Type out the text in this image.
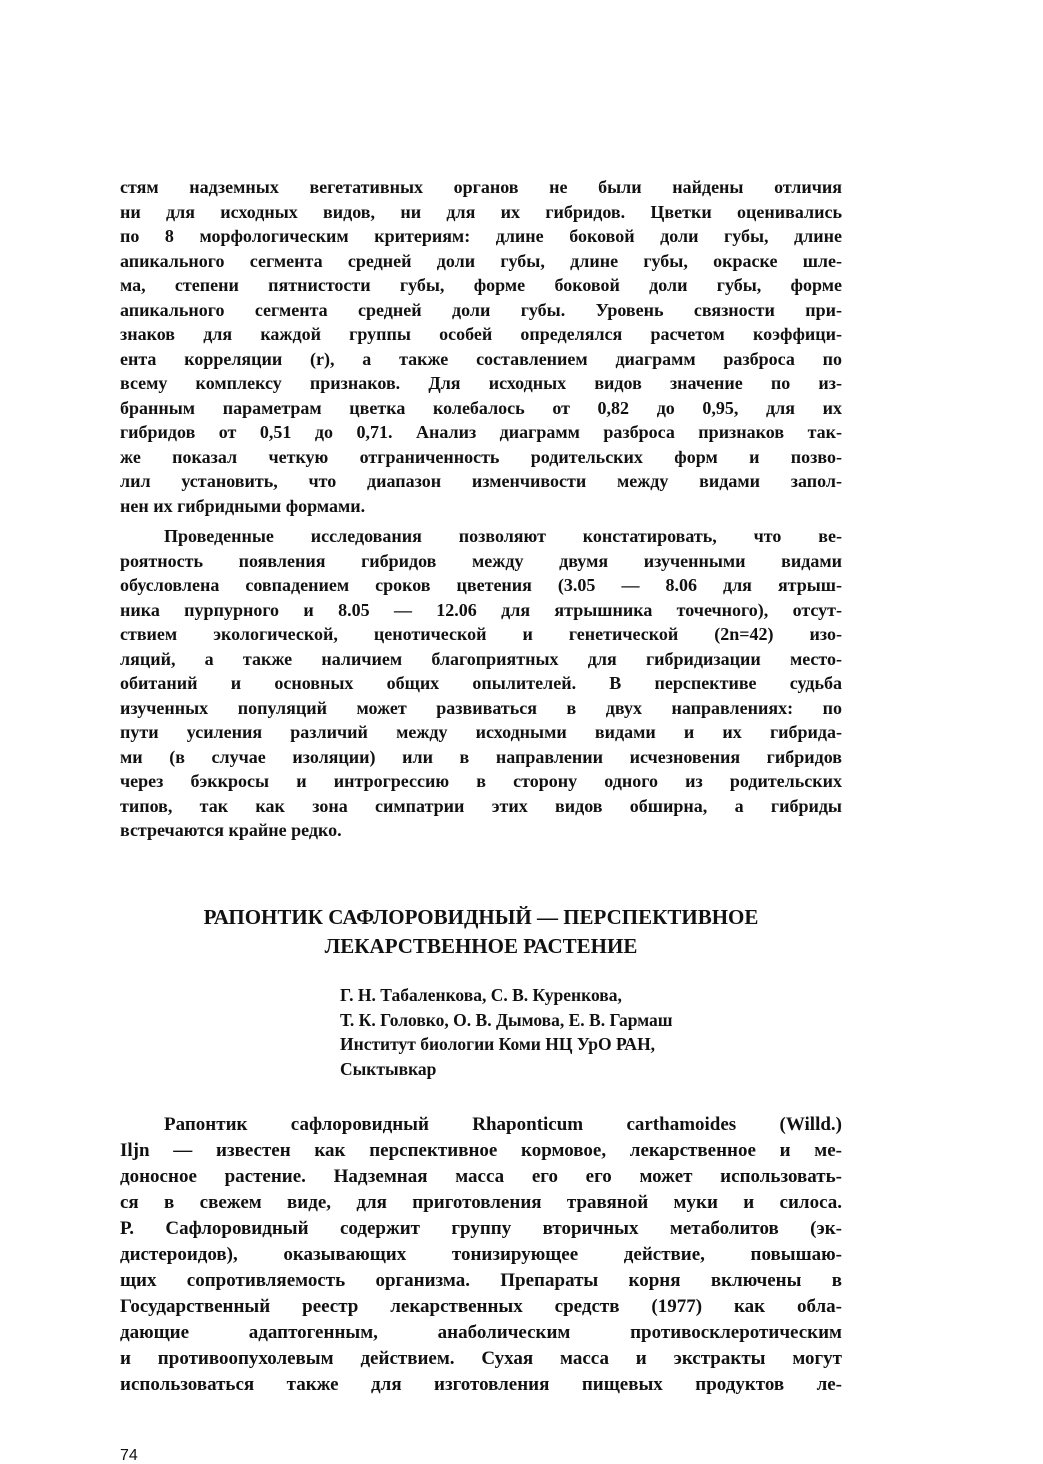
стям надземных вегетативных органов не были найдены отличия
ни для исходных видов, ни для их гибридов. Цветки оценивались
по 8 морфологическим критериям: длине боковой доли губы, длине
апикального сегмента средней доли губы, длине губы, окраске шле-
ма, степени пятнистости губы, форме боковой доли губы, форме
апикального сегмента средней доли губы. Уровень связности при-
знаков для каждой группы особей определялся расчетом коэффици-
ента корреляции (r), а также составлением диаграмм разброса по
всему комплексу признаков. Для исходных видов значение по из-
бранным параметрам цветка колебалось от 0,82 до 0,95, для их
гибридов от 0,51 до 0,71. Анализ диаграмм разброса признаков так-
же показал четкую отграниченность родительских форм и позво-
лил установить, что диапазон изменчивости между видами запол-
нен их гибридными формами.
Проведенные исследования позволяют констатировать, что ве-
роятность появления гибридов между двумя изученными видами
обусловлена совпадением сроков цветения (3.05 — 8.06 для ятрыш-
ника пурпурного и 8.05 — 12.06 для ятрышника точечного), отсут-
ствием экологической, ценотической и генетической (2n=42) изо-
ляций, а также наличием благоприятных для гибридизации место-
обитаний и основных общих опылителей. В перспективе судьба
изученных популяций может развиваться в двух направлениях: по
пути усиления различий между исходными видами и их гибрида-
ми (в случае изоляции) или в направлении исчезновения гибридов
через бэккросы и интрогрессию в сторону одного из родительских
типов, так как зона симпатрии этих видов обширна, а гибриды
встречаются крайне редко.
РАПОНТИК САФЛОРОВИДНЫЙ — ПЕРСПЕКТИВНОЕ
ЛЕКАРСТВЕННОЕ РАСТЕНИЕ
Г. Н. Табаленкова, С. В. Куренкова,
Т. К. Головко, О. В. Дымова, Е. В. Гармаш
Институт биологии Коми НЦ УрО РАН,
Сыктывкар
Рапонтик сафлоровидный Rhaponticum carthamoides (Willd.)
Iljn — известен как перспективное кормовое, лекарственное и ме-
доносное растение. Надземная масса его его может использовать-
ся в свежем виде, для приготовления травяной муки и силоса.
Р. Сафлоровидный содержит группу вторичных метаболитов (эк-
дистероидов), оказывающих тонизирующее действие, повышаю-
щих сопротивляемость организма. Препараты корня включены в
Государственный реестр лекарственных средств (1977) как обла-
дающие адаптогенным, анаболическим противосклеротическим
и противоопухолевым действием. Сухая масса и экстракты могут
использоваться также для изготовления пищевых продуктов ле-
74
